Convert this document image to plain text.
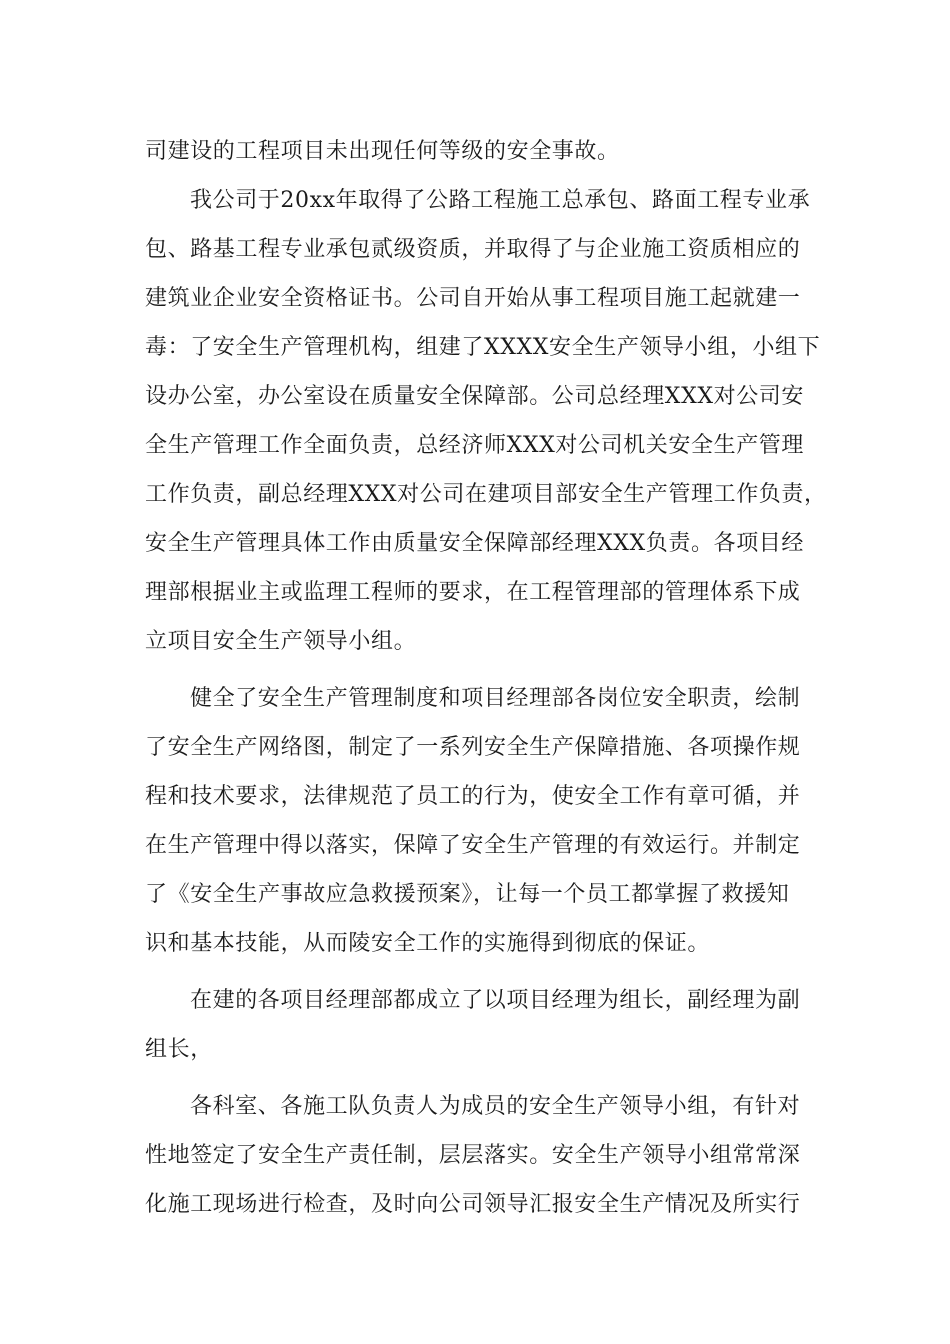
司建设的工程项目未出现任何等级的安全事故。
我公司于20xx年取得了公路工程施工总承包、路面工程专业承
包、路基工程专业承包贰级资质，并取得了与企业施工资质相应的
建筑业企业安全资格证书。公司自开始从事工程项目施工起就建一
毒：了安全生产管理机构，组建了XXXX安全生产领导小组，小组下
设办公室，办公室设在质量安全保障部。公司总经理XXX对公司安
全生产管理工作全面负责，总经济师XXX对公司机关安全生产管理
工作负责，副总经理XXX对公司在建项目部安全生产管理工作负责，
安全生产管理具体工作由质量安全保障部经理XXX负责。各项目经
理部根据业主或监理工程师的要求，在工程管理部的管理体系下成
立项目安全生产领导小组。
健全了安全生产管理制度和项目经理部各岗位安全职责，绘制
了安全生产网络图，制定了一系列安全生产保障措施、各项操作规
程和技术要求，法律规范了员工的行为，使安全工作有章可循，并
在生产管理中得以落实，保障了安全生产管理的有效运行。并制定
了《安全生产事故应急救援预案》，让每一个员工都掌握了救援知
识和基本技能，从而陵安全工作的实施得到彻底的保证。
在建的各项目经理部都成立了以项目经理为组长，副经理为副
组长，
各科室、各施工队负责人为成员的安全生产领导小组，有针对
性地签定了安全生产责任制，层层落实。安全生产领导小组常常深
化施工现场进行检查，及时向公司领导汇报安全生产情况及所实行
